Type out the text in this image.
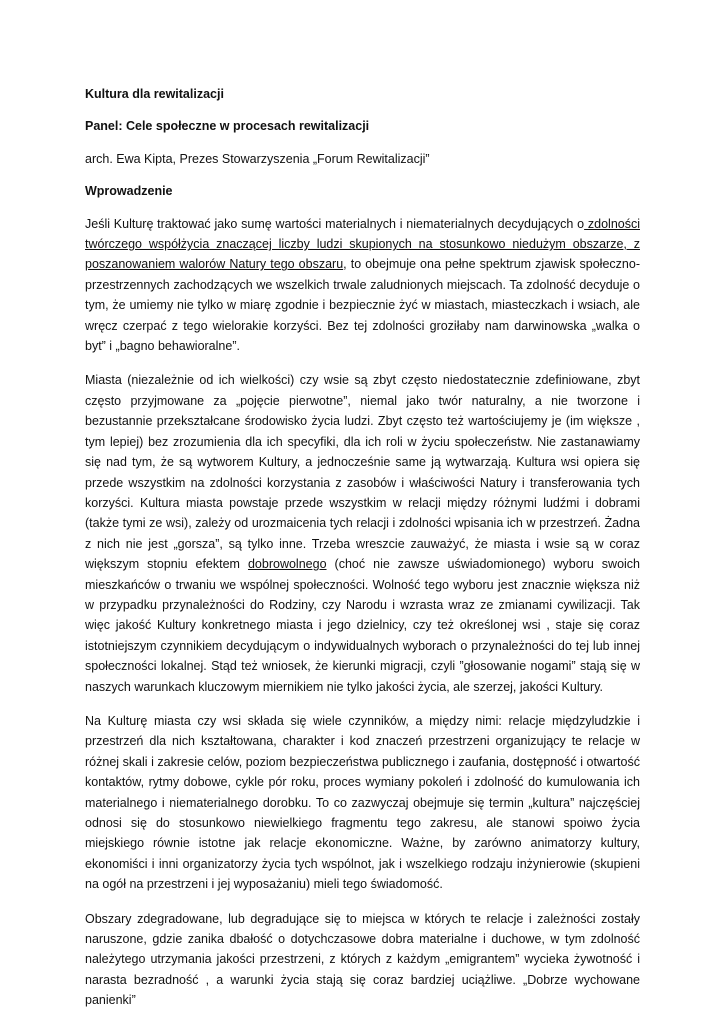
Kultura dla rewitalizacji

Panel: Cele społeczne w procesach rewitalizacji

arch. Ewa Kipta, Prezes Stowarzyszenia „Forum Rewitalizacji”

Wprowadzenie

Jeśli Kulturę traktować jako sumę wartości materialnych i niematerialnych decydujących o zdolności twórczego współżycia znaczącej liczby ludzi skupionych na stosunkowo niedużym obszarze, z poszanowaniem walorów Natury tego obszaru, to obejmuje ona pełne spektrum zjawisk społeczno-przestrzennych zachodzących we wszelkich trwale zaludnionych miejscach. Ta zdolność decyduje o tym, że umiemy nie tylko w miarę zgodnie i bezpiecznie żyć w miastach, miasteczkach i wsiach, ale wręcz czerpać z tego wielorakie korzyści. Bez tej zdolności groziłaby nam darwinowska „walka o byt” i „bagno behawioralne”.

Miasta (niezależnie od ich wielkości) czy wsie są zbyt często niedostatecznie zdefiniowane, zbyt często przyjmowane za „pojęcie pierwotne”, niemal jako twór naturalny, a nie tworzone i bezustannie przekształcane środowisko życia ludzi. Zbyt często też wartościujemy je (im większe , tym lepiej) bez zrozumienia dla ich specyfiki, dla ich roli w życiu społeczeństw. Nie zastanawiamy się nad tym, że są wytworem Kultury, a jednocześnie same ją wytwarzają. Kultura wsi opiera się przede wszystkim na zdolności korzystania z zasobów i właściwości Natury i transferowania tych korzyści. Kultura miasta powstaje przede wszystkim w relacji między różnymi ludźmi i dobrami (także tymi ze wsi), zależy od urozmaicenia tych relacji i zdolności wpisania ich w przestrzeń. Żadna z nich nie jest „gorsza”, są tylko inne. Trzeba wreszcie zauważyć, że miasta i wsie są w coraz większym stopniu efektem dobrowolnego (choć nie zawsze uświadomionego) wyboru swoich mieszkańców o trwaniu we wspólnej społeczności. Wolność tego wyboru jest znacznie większa niż w przypadku przynależności do Rodziny, czy Narodu i wzrasta wraz ze zmianami cywilizacji. Tak więc jakość Kultury konkretnego miasta i jego dzielnicy, czy też określonej wsi , staje się coraz istotniejszym czynnikiem decydującym o indywidualnych wyborach o przynależności do tej lub innej społeczności lokalnej. Stąd też wniosek, że kierunki migracji, czyli ”głosowanie nogami” stają się w naszych warunkach kluczowym miernikiem nie tylko jakości życia, ale szerzej, jakości Kultury.

Na Kulturę miasta czy wsi składa się wiele czynników, a między nimi: relacje międzyludzkie i przestrzeń dla nich kształtowana, charakter i kod znaczeń przestrzeni organizujący te relacje w różnej skali i zakresie celów, poziom bezpieczeństwa publicznego i zaufania, dostępność i otwartość kontaktów, rytmy dobowe, cykle pór roku, proces wymiany pokoleń i zdolność do kumulowania ich materialnego i niematerialnego dorobku. To co zazwyczaj obejmuje się termin „kultura” najczęściej odnosi się do stosunkowo niewielkiego fragmentu tego zakresu, ale stanowi spoiwo życia miejskiego równie istotne jak relacje ekonomiczne. Ważne, by zarówno animatorzy kultury, ekonomiści i inni organizatorzy życia tych wspólnot, jak i wszelkiego rodzaju inżynierowie (skupieni na ogół na przestrzeni i jej wyposażaniu) mieli tego świadomość.

Obszary zdegradowane, lub degradujące się to miejsca w których te relacje i zależności zostały naruszone, gdzie zanika dbałość o dotychczasowe dobra materialne i duchowe, w tym zdolność należytego utrzymania jakości przestrzeni, z których z każdym „emigrantem” wycieka żywotność i narasta bezradność , a warunki życia stają się coraz bardziej uciążliwe. „Dobrze wychowane panienki”
